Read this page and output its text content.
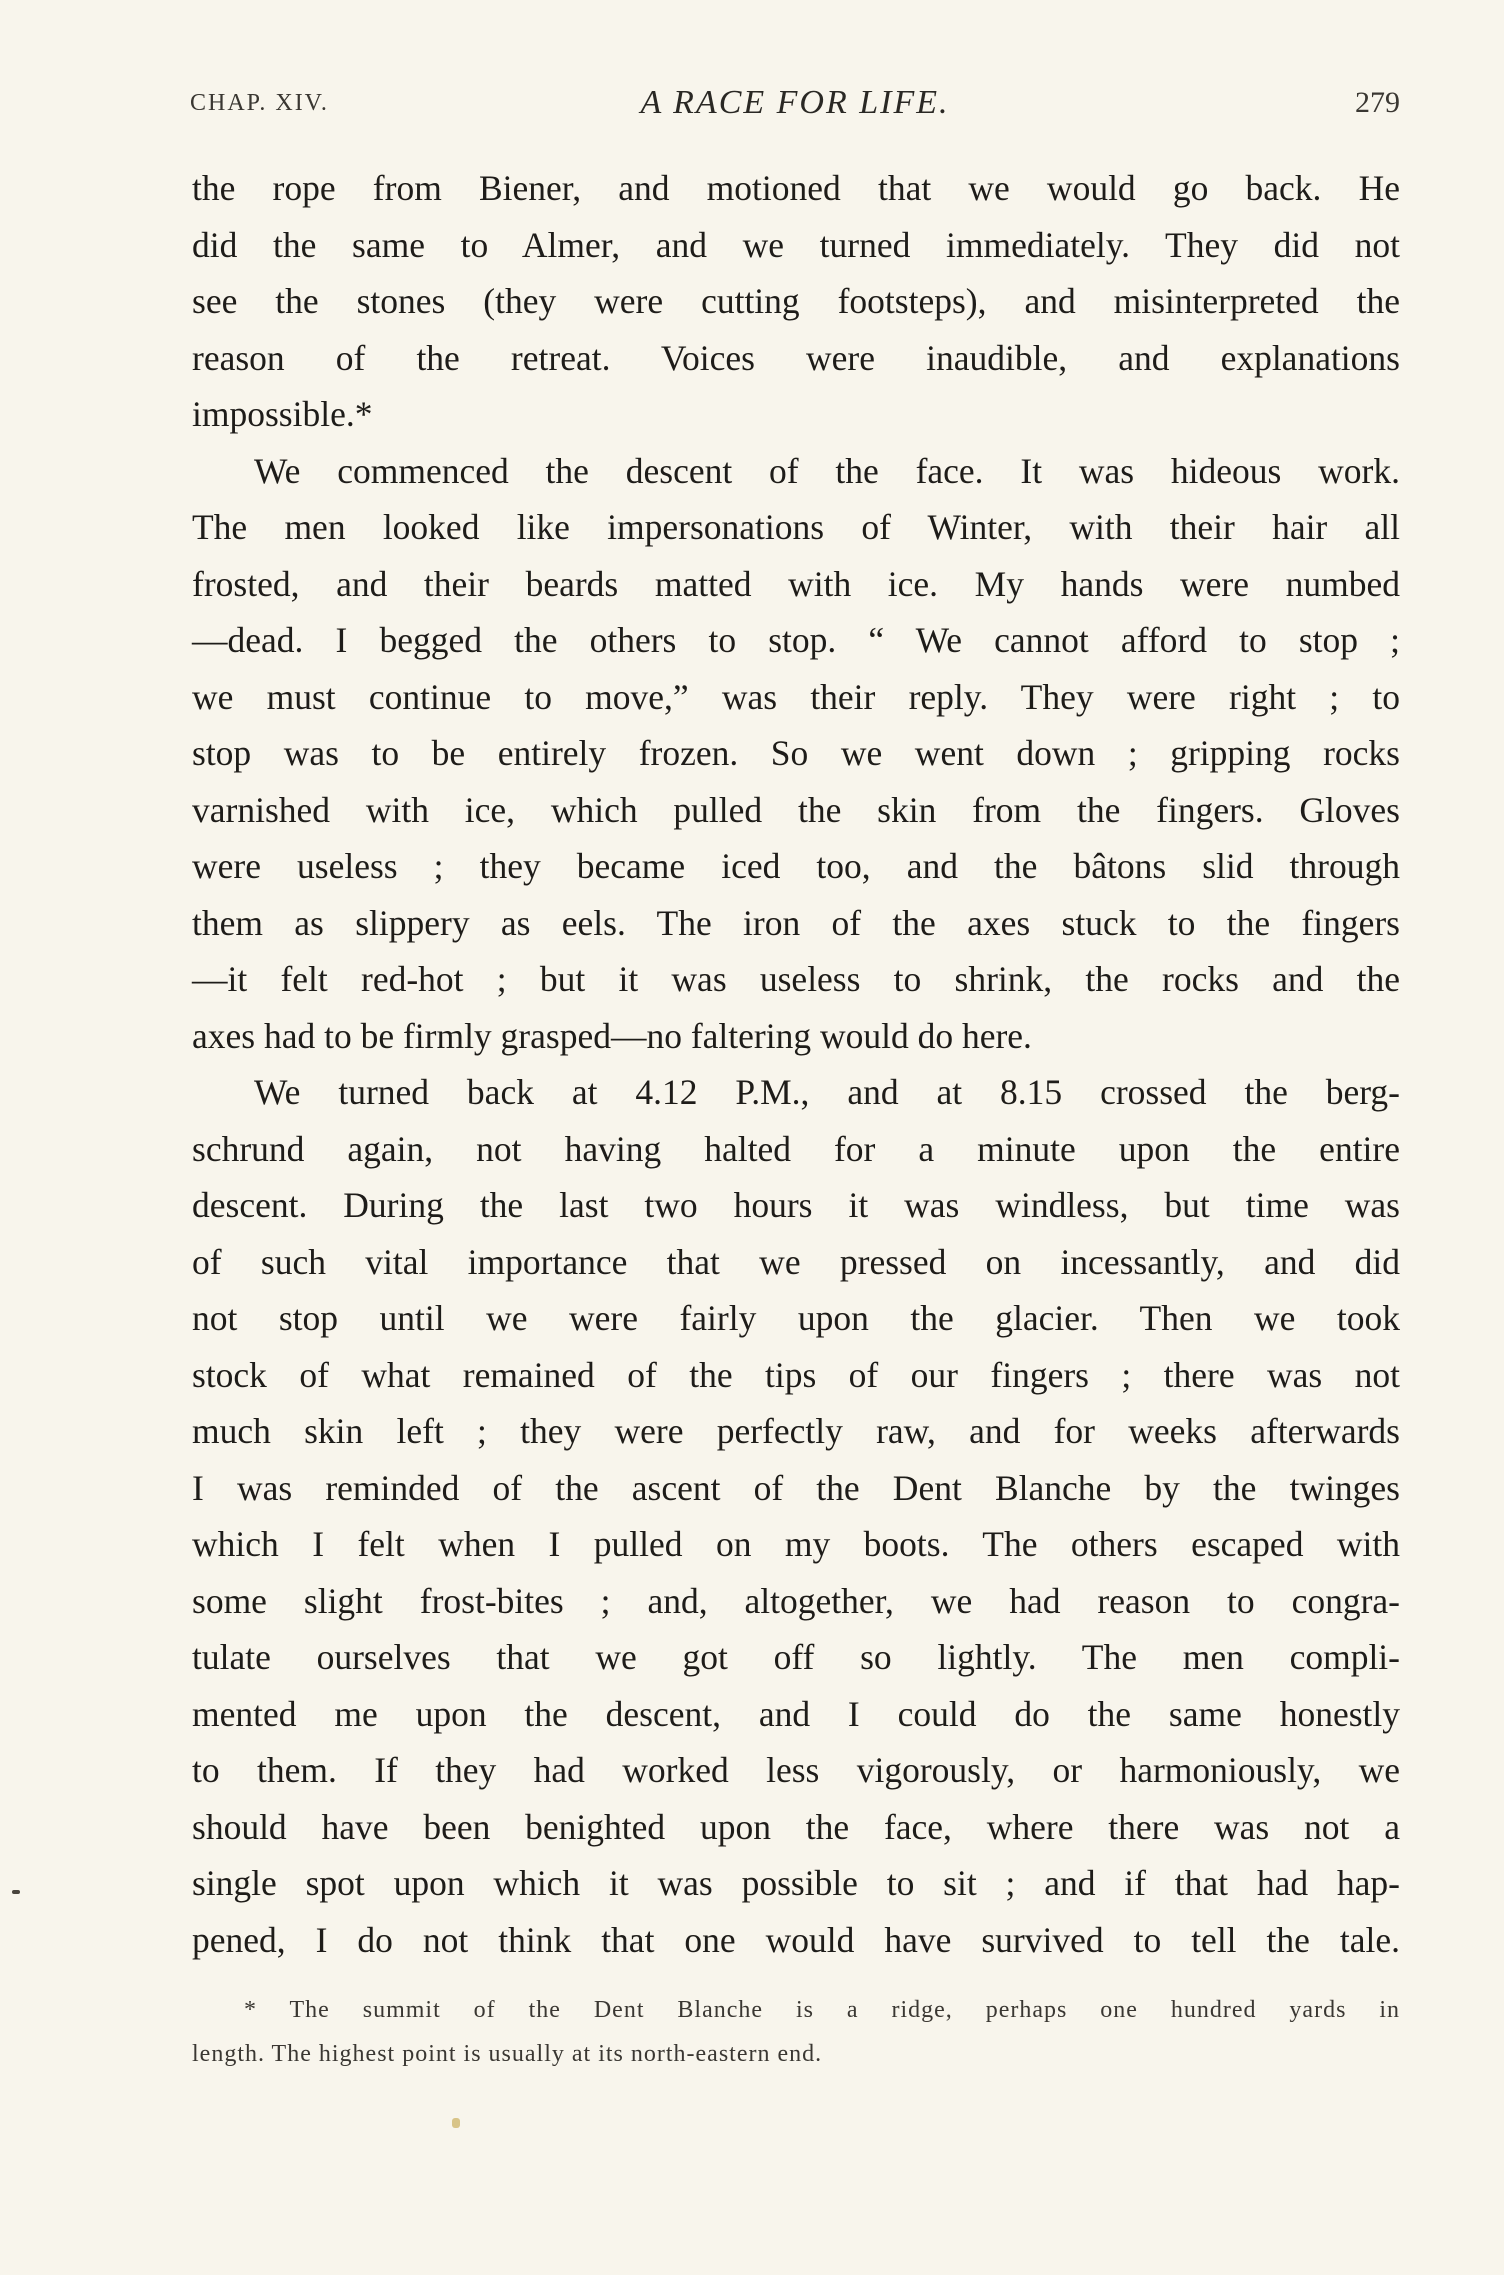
CHAP. XIV.	A RACE FOR LIFE.	279
the rope from Biener, and motioned that we would go back. He
did the same to Almer, and we turned immediately. They did not
see the stones (they were cutting footsteps), and misinterpreted the
reason of the retreat. Voices were inaudible, and explanations
impossible.*
We commenced the descent of the face. It was hideous work.
The men looked like impersonations of Winter, with their hair all
frosted, and their beards matted with ice. My hands were numbed
—dead. I begged the others to stop. “ We cannot afford to stop ;
we must continue to move,” was their reply. They were right ; to
stop was to be entirely frozen. So we went down ; gripping rocks
varnished with ice, which pulled the skin from the fingers. Gloves
were useless ; they became iced too, and the bâtons slid through
them as slippery as eels. The iron of the axes stuck to the fingers
—it felt red-hot ; but it was useless to shrink, the rocks and the
axes had to be firmly grasped—no faltering would do here.
We turned back at 4.12 P.M., and at 8.15 crossed the berg-
schrund again, not having halted for a minute upon the entire
descent. During the last two hours it was windless, but time was
of such vital importance that we pressed on incessantly, and did
not stop until we were fairly upon the glacier. Then we took
stock of what remained of the tips of our fingers ; there was not
much skin left ; they were perfectly raw, and for weeks afterwards
I was reminded of the ascent of the Dent Blanche by the twinges
which I felt when I pulled on my boots. The others escaped with
some slight frost-bites ; and, altogether, we had reason to congra-
tulate ourselves that we got off so lightly. The men compli-
mented me upon the descent, and I could do the same honestly
to them. If they had worked less vigorously, or harmoniously, we
should have been benighted upon the face, where there was not a
single spot upon which it was possible to sit ; and if that had hap-
pened, I do not think that one would have survived to tell the tale.
* The summit of the Dent Blanche is a ridge, perhaps one hundred yards in
length. The highest point is usually at its north-eastern end.
